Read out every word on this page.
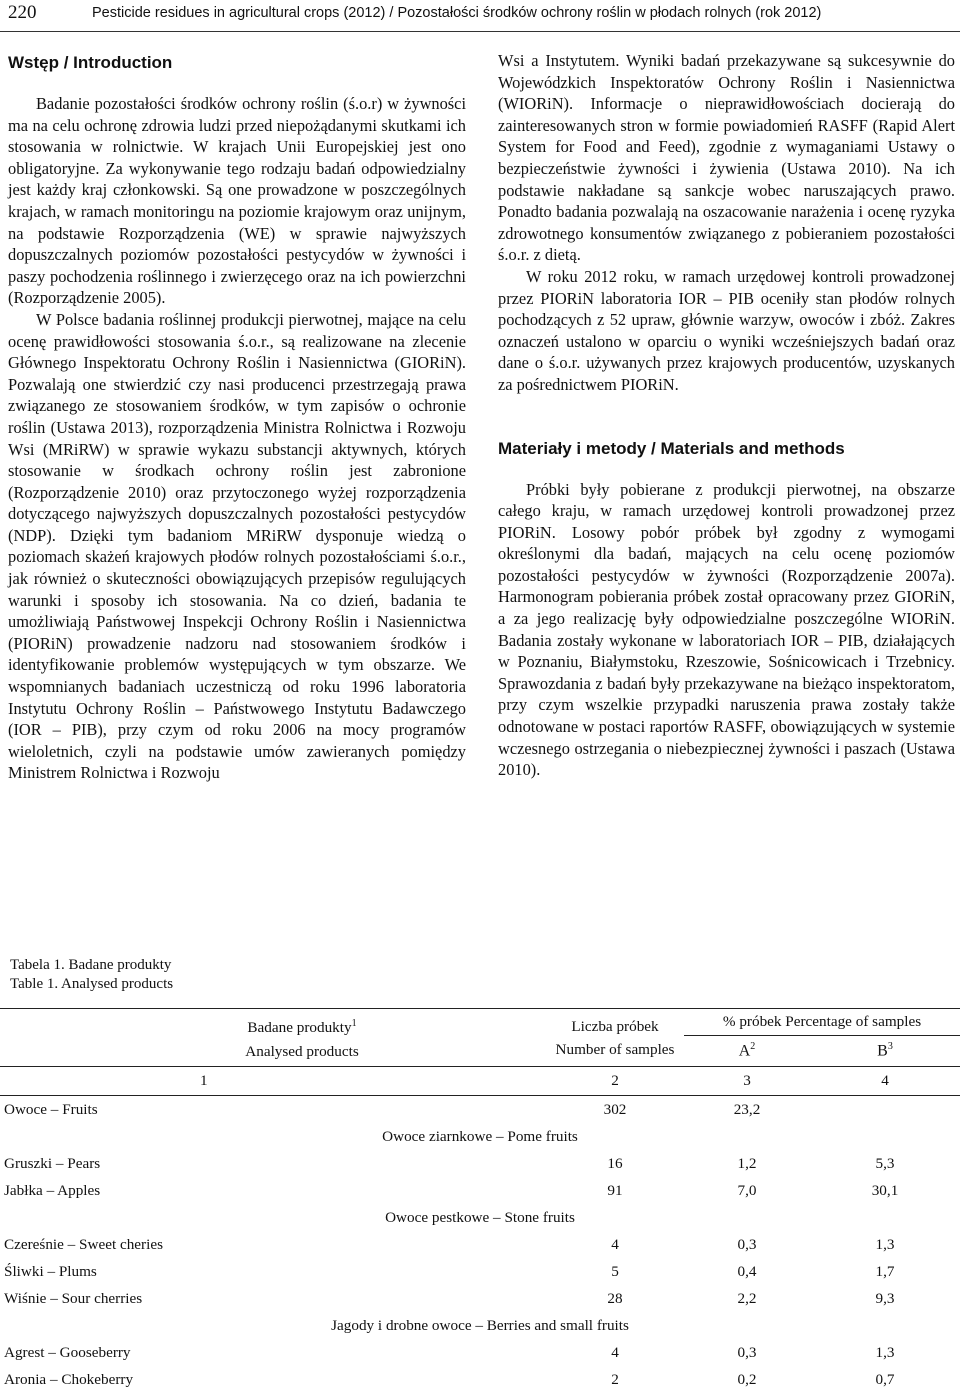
220	Pesticide residues in agricultural crops (2012) / Pozostałości środków ochrony roślin w płodach rolnych (rok 2012)
Wstęp / Introduction

Badanie pozostałości środków ochrony roślin (ś.o.r) w żywności ma na celu ochronę zdrowia ludzi przed niepożądanymi skutkami ich stosowania w rolnictwie. W krajach Unii Europejskiej jest ono obligatoryjne. Za wykonywanie tego rodzaju badań odpowiedzialny jest każdy kraj członkowski. Są one prowadzone w poszczególnych krajach, w ramach monitoringu na poziomie krajowym oraz unijnym, na podstawie Rozporządzenia (WE) w sprawie najwyższych dopuszczalnych poziomów pozostałości pestycydów w żywności i paszy pochodzenia roślinnego i zwierzęcego oraz na ich powierzchni (Rozporządzenie 2005).

W Polsce badania roślinnej produkcji pierwotnej, mające na celu ocenę prawidłowości stosowania ś.o.r., są realizowane na zlecenie Głównego Inspektoratu Ochrony Roślin i Nasiennictwa (GIORiN). Pozwalają one stwierdzić czy nasi producenci przestrzegają prawa związanego ze stosowaniem środków, w tym zapisów o ochronie roślin (Ustawa 2013), rozporządzenia Ministra Rolnictwa i Rozwoju Wsi (MRiRW) w sprawie wykazu substancji aktywnych, których stosowanie w środkach ochrony roślin jest zabronione (Rozporządzenie 2010) oraz przytoczonego wyżej rozporządzenia dotyczącego najwyższych dopuszczalnych pozostałości pestycydów (NDP). Dzięki tym badaniom MRiRW dysponuje wiedzą o poziomach skażeń krajowych płodów rolnych pozostałościami ś.o.r., jak również o skuteczności obowiązujących przepisów regulujących warunki i sposoby ich stosowania. Na co dzień, badania te umożliwiają Państwowej Inspekcji Ochrony Roślin i Nasiennictwa (PIORiN) prowadzenie nadzoru nad stosowaniem środków i identyfikowanie problemów występujących w tym obszarze. We wspomnianych badaniach uczestniczą od roku 1996 laboratoria Instytutu Ochrony Roślin – Państwowego Instytutu Badawczego (IOR – PIB), przy czym od roku 2006 na mocy programów wieloletnich, czyli na podstawie umów zawieranych pomiędzy Ministrem Rolnictwa i Rozwoju

Wsi a Instytutem. Wyniki badań przekazywane są sukcesywnie do Wojewódzkich Inspektoratów Ochrony Roślin i Nasiennictwa (WIORiN). Informacje o nieprawidłowościach docierają do zainteresowanych stron w formie powiadomień RASFF (Rapid Alert System for Food and Feed), zgodnie z wymaganiami Ustawy o bezpieczeństwie żywności i żywienia (Ustawa 2010). Na ich podstawie nakładane są sankcje wobec naruszających prawo. Ponadto badania pozwalają na oszacowanie narażenia i ocenę ryzyka zdrowotnego konsumentów związanego z pobieraniem pozostałości ś.o.r. z dietą.

W roku 2012 roku, w ramach urzędowej kontroli prowadzonej przez PIORiN laboratoria IOR – PIB oceniły stan płodów rolnych pochodzących z 52 upraw, głównie warzyw, owoców i zbóż. Zakres oznaczeń ustalono w oparciu o wyniki wcześniejszych badań oraz dane o ś.o.r. używanych przez krajowych producentów, uzyskanych za pośrednictwem PIORiN.

Materiały i metody / Materials and methods

Próbki były pobierane z produkcji pierwotnej, na obszarze całego kraju, w ramach urzędowej kontroli prowadzonej przez PIORiN. Losowy pobór próbek był zgodny z wymogami określonymi dla badań, mających na celu ocenę poziomów pozostałości pestycydów w żywności (Rozporządzenie 2007a). Harmonogram pobierania próbek został opracowany przez GIORiN, a za jego realizację były odpowiedzialne poszczególne WIORiN. Badania zostały wykonane w laboratoriach IOR – PIB, działających w Poznaniu, Białymstoku, Rzeszowie, Sośnicowicach i Trzebnicy. Sprawozdania z badań były przekazywane na bieżąco inspektoratom, przy czym wszelkie przypadki naruszenia prawa zostały także odnotowane w postaci raportów RASFF, obowiązujących w systemie wczesnego ostrzegania o niebezpiecznej żywności i paszach (Ustawa 2010).

Tabela 1. Badane produkty
Table 1. Analysed products
	Badane produkty$^1$
Analysed products		Liczba próbek
Number of samples	% próbek Percentage of samples	
				$A^2$	$B^3$
	1		2	3	4
Owoce – Fruits			302	23,2	
Owoce ziarnkowe – Pome fruits					
Gruszki – Pears			16	1,2	5,3
Jabłka – Apples			91	7,0	30,1
Owoce pestkowe – Stone fruits					
Czereśnie – Sweet cheries			4	0,3	1,3
Śliwki – Plums			5	0,4	1,7
Wiśnie – Sour cherries			28	2,2	9,3
Jagody i drobne owoce – Berries and small fruits					
Agrest – Gooseberry			4	0,3	1,3
Aronia – Chokeberry			2	0,2	0,7
